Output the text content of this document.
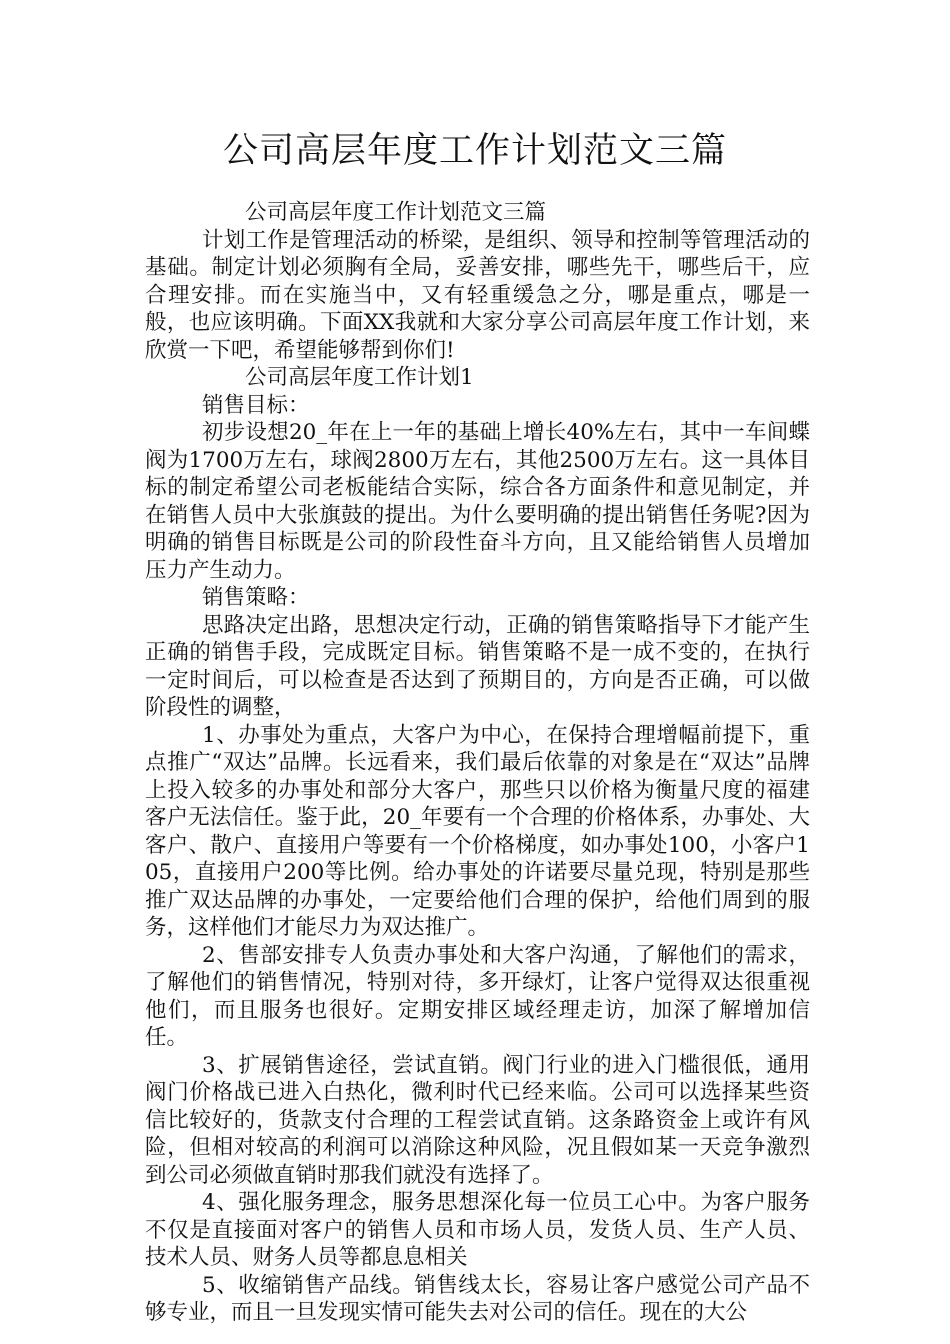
公司高层年度工作计划范文三篇

公司高层年度工作计划范文三篇

计划工作是管理活动的桥梁，是组织、领导和控制等管理活动的基础。制定计划必须胸有全局，妥善安排，哪些先干，哪些后干，应合理安排。而在实施当中，又有轻重缓急之分，哪是重点，哪是一般，也应该明确。下面XX我就和大家分享公司高层年度工作计划，来欣赏一下吧，希望能够帮到你们!

公司高层年度工作计划1

销售目标：

初步设想20_年在上一年的基础上增长40%左右，其中一车间蝶阀为1700万左右，球阀2800万左右，其他2500万左右。这一具体目标的制定希望公司老板能结合实际，综合各方面条件和意见制定，并在销售人员中大张旗鼓的提出。为什么要明确的提出销售任务呢?因为明确的销售目标既是公司的阶段性奋斗方向，且又能给销售人员增加压力产生动力。

销售策略：

思路决定出路，思想决定行动，正确的销售策略指导下才能产生正确的销售手段，完成既定目标。销售策略不是一成不变的，在执行一定时间后，可以检查是否达到了预期目的，方向是否正确，可以做阶段性的调整，

1、办事处为重点，大客户为中心，在保持合理增幅前提下，重点推广“双达”品牌。长远看来，我们最后依靠的对象是在“双达”品牌上投入较多的办事处和部分大客户，那些只以价格为衡量尺度的福建客户无法信任。鉴于此，20_年要有一个合理的价格体系，办事处、大客户、散户、直接用户等要有一个价格梯度，如办事处100，小客户105，直接用户200等比例。给办事处的许诺要尽量兑现，特别是那些推广双达品牌的办事处，一定要给他们合理的保护，给他们周到的服务，这样他们才能尽力为双达推广。

2、售部安排专人负责办事处和大客户沟通，了解他们的需求，了解他们的销售情况，特别对待，多开绿灯，让客户觉得双达很重视他们，而且服务也很好。定期安排区域经理走访，加深了解增加信任。

3、扩展销售途径，尝试直销。阀门行业的进入门槛很低，通用阀门价格战已进入白热化，微利时代已经来临。公司可以选择某些资信比较好的，货款支付合理的工程尝试直销。这条路资金上或许有风险，但相对较高的利润可以消除这种风险，况且假如某一天竞争激烈到公司必须做直销时那我们就没有选择了。

4、强化服务理念，服务思想深化每一位员工心中。为客户服务不仅是直接面对客户的销售人员和市场人员，发货人员、生产人员、技术人员、财务人员等都息息相关

5、收缩销售产品线。销售线太长，容易让客户感觉公司产品不够专业，而且一旦发现实情可能失去对公司的信任。现在的大公
